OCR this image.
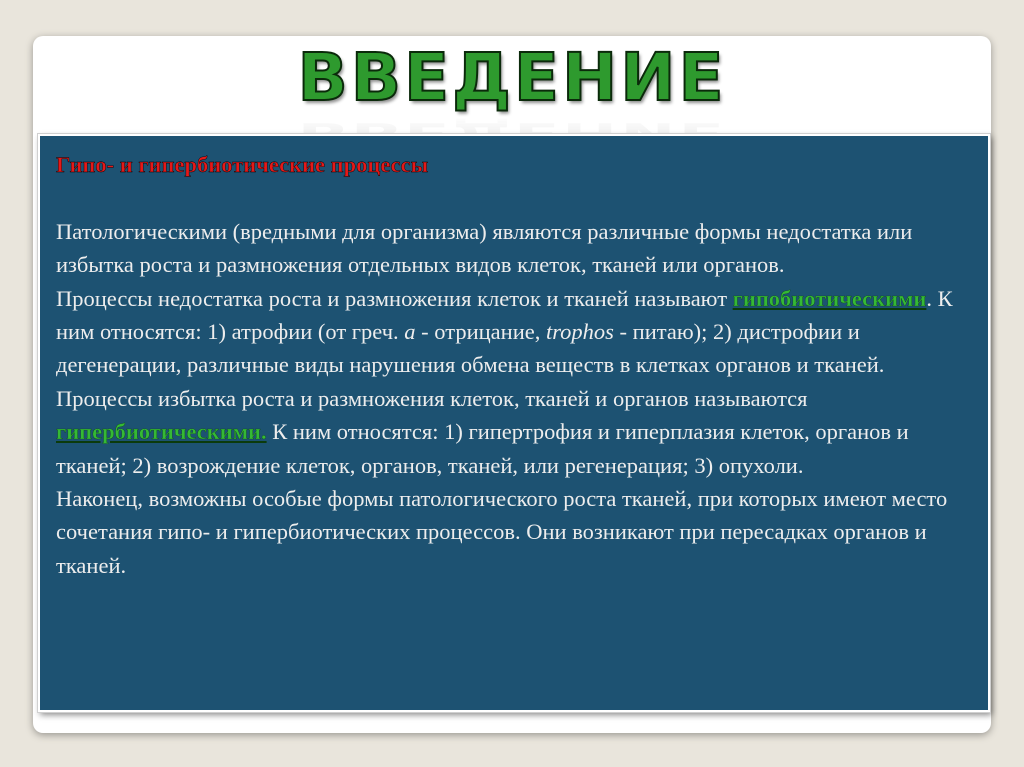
ВВЕДЕНИЕ

Гипо- и гипербиотические процессы

Патологическими (вредными для организма) являются различные формы недостатка или избытка роста и размножения отдельных видов клеток, тканей или органов.

Процессы недостатка роста и размножения клеток и тканей называют гипобиотическими. К ним относятся: 1) атрофии (от греч. а - отрицание, trophos - питаю); 2) дистрофии и дегенерации, различные виды нарушения обмена веществ в клетках органов и тканей.

Процессы избытка роста и размножения клеток, тканей и органов называются гипербиотическими. К ним относятся: 1) гипертрофия и гиперплазия клеток, органов и тканей; 2) возрождение клеток, органов, тканей, или регенерация; 3) опухоли.

Наконец, возможны особые формы патологического роста тканей, при которых имеют место сочетания гипо- и гипербиотических процессов. Они возникают при пересадках органов и тканей.
